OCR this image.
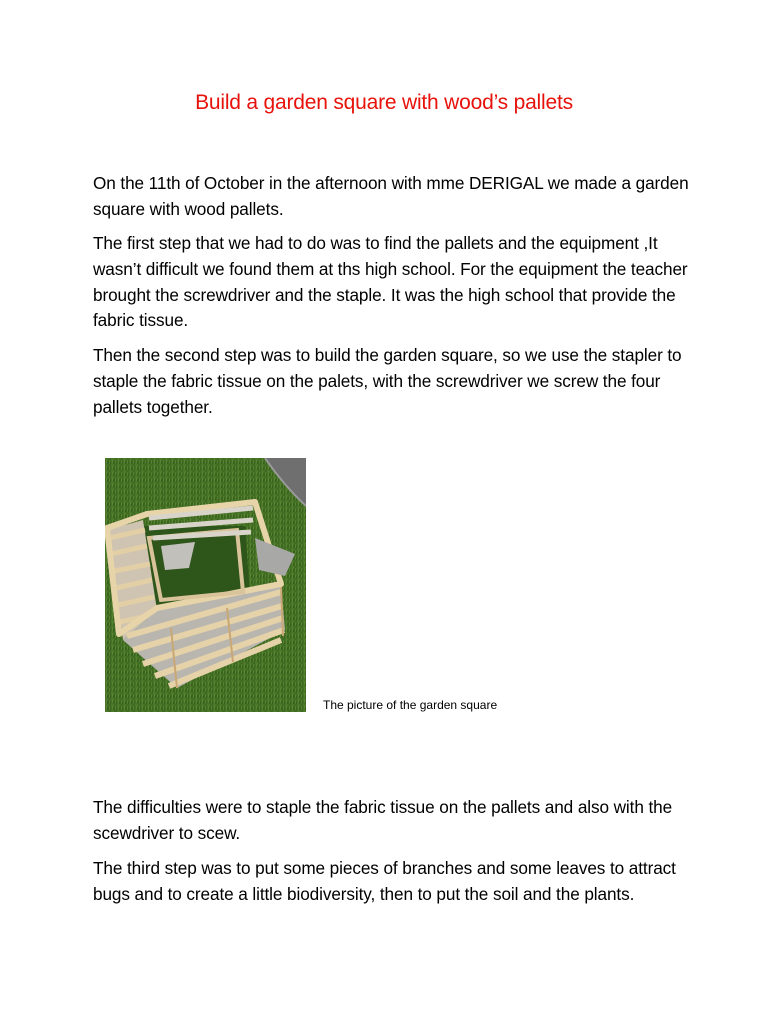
Build a garden square with wood’s pallets

On the 11th of October in the afternoon with mme DERIGAL we made a garden square with wood pallets.

The first step that we had to do was to find the pallets and the equipment ,It wasn’t difficult we found them at ths high school. For the equipment the teacher brought the screwdriver and the staple. It was the high school that provide the fabric tissue.

Then the second step was to build the garden square, so we use the stapler to staple the fabric tissue on the palets, with the screwdriver we screw the four pallets together.

The picture of the garden square

The difficulties were to staple the fabric tissue on the pallets and also with the scewdriver to scew.

The third step was to put some pieces of branches and some leaves to attract bugs and to create a little biodiversity, then to put the soil and the plants.
